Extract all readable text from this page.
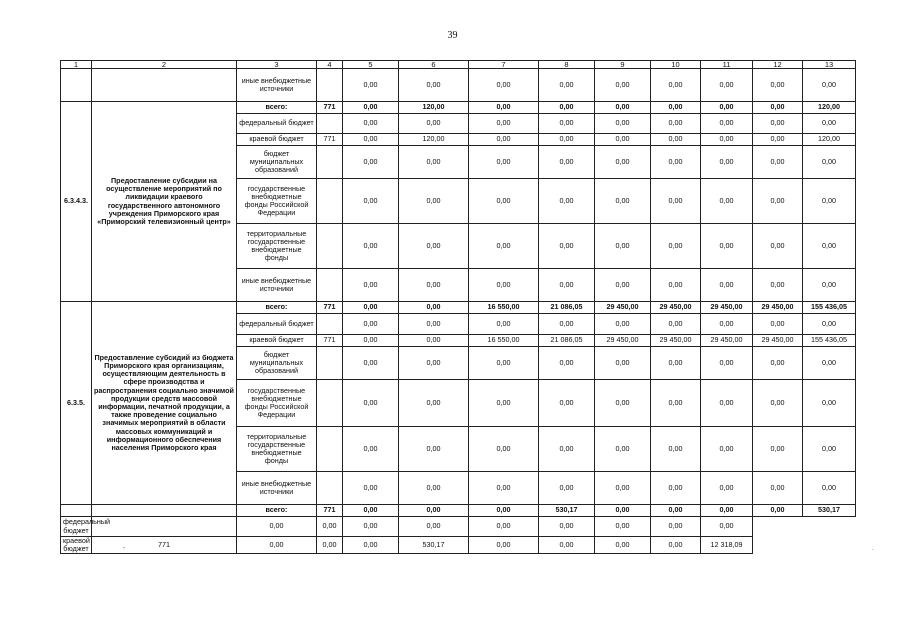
39
1	2	3	4	5	6	7	8	9	10	11	12	13
		иные внебюджетные источники		0,00	0,00	0,00	0,00	0,00	0,00	0,00	0,00	0,00
6.3.4.3.	Предоставление субсидии на осуществление мероприятий по ликвидации краевого государственного автономного учреждения Приморского края «Приморский телевизионный центр»	всего:	771	0,00	120,00	0,00	0,00	0,00	0,00	0,00	0,00	120,00
		федеральный бюджет		0,00	0,00	0,00	0,00	0,00	0,00	0,00	0,00	0,00
		краевой бюджет	771	0,00	120,00	0,00	0,00	0,00	0,00	0,00	0,00	120,00
		бюджет муниципальных образований		0,00	0,00	0,00	0,00	0,00	0,00	0,00	0,00	0,00
		государственные внебюджетные фонды Российской Федерации		0,00	0,00	0,00	0,00	0,00	0,00	0,00	0,00	0,00
		территориальные государственные внебюджетные фонды		0,00	0,00	0,00	0,00	0,00	0,00	0,00	0,00	0,00
		иные внебюджетные источники		0,00	0,00	0,00	0,00	0,00	0,00	0,00	0,00	0,00
6.3.5.	Предоставление субсидий из бюджета Приморского края организациям, осуществляющим деятельность в сфере производства и распространения социально значимой продукции средств массовой информации, печатной продукции, а также проведение социально значимых мероприятий в области массовых коммуникаций и информационного обеспечения населения Приморского края	всего:	771	0,00	0,00	16 550,00	21 086,05	29 450,00	29 450,00	29 450,00	29 450,00	155 436,05
		федеральный бюджет		0,00	0,00	0,00	0,00	0,00	0,00	0,00	0,00	0,00
		краевой бюджет	771	0,00	0,00	16 550,00	21 086,05	29 450,00	29 450,00	29 450,00	29 450,00	155 436,05
		бюджет муниципальных образований		0,00	0,00	0,00	0,00	0,00	0,00	0,00	0,00	0,00
		государственные внебюджетные фонды Российской Федерации		0,00	0,00	0,00	0,00	0,00	0,00	0,00	0,00	0,00
		территориальные государственные внебюджетные фонды		0,00	0,00	0,00	0,00	0,00	0,00	0,00	0,00	0,00
		иные внебюджетные источники		0,00	0,00	0,00	0,00	0,00	0,00	0,00	0,00	0,00
		всего:	771	0,00	0,00	0,00	530,17	0,00	0,00	0,00	0,00	530,17
федеральный бюджет		0,00	0,00	0,00	0,00	0,00	0,00	0,00	0,00	0,00		
краевой бюджет	771	0,00	0,00	0,00	530,17	0,00	0,00	0,00	0,00	12 318,09		
-	.
